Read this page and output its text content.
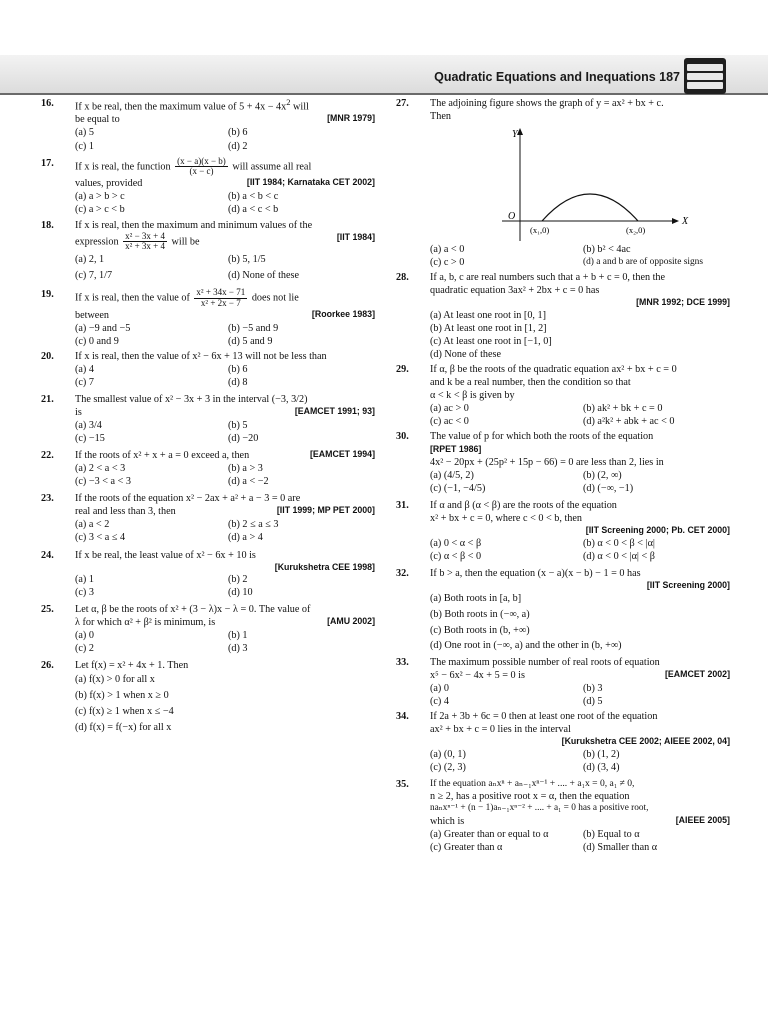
Quadratic Equations and Inequations 187
16. If x be real, then the maximum value of $5 + 4x - 4x^2$ will
be equal to	[MNR 1979]
(a) 5	(b) 6
(c) 1	(d) 2
17. If x is real, the function $\frac{(x - a)(x - b)}{(x - c)}$ will assume all real
values, provided	[IIT 1984; Karnataka CET 2002]
(a) a > b > c	(b) a < b < c
(c) a > c < b	(d) a < c < b
18. If x is real, then the maximum and minimum values of the
expression $\frac{\text{x² − 3x + 4}}{\text{x² + 3x + 4}}$ will be	[IIT 1984]
(a) 2, 1	(b) 5, 1/5
(c) 7, 1/7	(d) None of these
19. If x is real, then the value of $\frac{\text{x² + 34x − 71}}{\text{x² + 2x − 7}}$ does not lie
between	[Roorkee 1983]
(a) −9 and −5	(b) −5 and 9
(c) 0 and 9	(d) 5 and 9
20. If x is real, then the value of x² − 6x + 13 will not be less than
(a) 4	(b) 6
(c) 7	(d) 8
21. The smallest value of x² − 3x + 3 in the interval (−3, 3/2)
is	[EAMCET 1991; 93]
(a) 3/4	(b) 5
(c) −15	(d) −20
22. If the roots of x² + x + a = 0 exceed a, then	[EAMCET 1994]
(a) 2 < a < 3	(b) a > 3
(c) −3 < a < 3	(d) a < −2
23. If the roots of the equation x² − 2ax + a² + a − 3 = 0 are
real and less than 3, then	[IIT 1999; MP PET 2000]
(a) a < 2	(b) 2 ≤ a ≤ 3
(c) 3 < a ≤ 4	(d) a > 4
24. If x be real, the least value of x² − 6x + 10 is
[Kurukshetra CEE 1998]
(a) 1	(b) 2
(c) 3	(d) 10
25. Let α, β be the roots of x² + (3 − λ)x − λ = 0. The value of
λ for which α² + β² is minimum, is	[AMU 2002]
(a) 0	(b) 1
(c) 2	(d) 3
26. Let f(x) = x² + 4x + 1. Then
(a) f(x) > 0 for all x
(b) f(x) > 1 when x ≥ 0
(c) f(x) ≥ 1 when x ≤ −4
(d) f(x) = f(−x) for all x
27. The adjoining figure shows the graph of y = ax² + bx + c.
Then
Y
X
O
(x₁,0)	(x₂,0)
(a) a < 0	(b) b² < 4ac
(c) c > 0	(d) a and b are of opposite signs
28. If a, b, c are real numbers such that a + b + c = 0, then the
quadratic equation 3ax² + 2bx + c = 0 has
[MNR 1992; DCE 1999]
(a) At least one root in [0, 1]
(b) At least one root in [1, 2]
(c) At least one root in [−1, 0]
(d) None of these
29. If α, β be the roots of the quadratic equation ax² + bx + c = 0
and k be a real number, then the condition so that
α < k < β is given by
(a) ac > 0	(b) ak² + bk + c = 0
(c) ac < 0	(d) a²k² + abk + ac < 0
30. The value of p for which both the roots of the equation
[RPET 1986]
4x² − 20px + (25p² + 15p − 66) = 0 are less than 2, lies in
(a) (4/5, 2)	(b) (2, ∞)
(c) (−1, −4/5)	(d) (−∞, −1)
31. If α and β (α < β) are the roots of the equation
x² + bx + c = 0, where c < 0 < b, then
[IIT Screening 2000; Pb. CET 2000]
(a) 0 < α < β	(b) α < 0 < β < |α|
(c) α < β < 0	(d) α < 0 < |α| < β
32. If b > a, then the equation (x − a)(x − b) − 1 = 0 has
[IIT Screening 2000]
(a) Both roots in [a, b]
(b) Both roots in (−∞, a)
(c) Both roots in (b, +∞)
(d) One root in (−∞, a) and the other in (b, +∞)
33. The maximum possible number of real roots of equation
x⁵ − 6x² − 4x + 5 = 0 is	[EAMCET 2002]
(a) 0	(b) 3
(c) 4	(d) 5
34. If 2a + 3b + 6c = 0 then at least one root of the equation
ax² + bx + c = 0 lies in the interval
[Kurukshetra CEE 2002; AIEEE 2002, 04]
(a) (0, 1)	(b) (1, 2)
(c) (2, 3)	(d) (3, 4)
35. If the equation aₙxⁿ + aₙ₋₁xⁿ⁻¹ + .... + a₁x = 0, a₁ ≠ 0,
n ≥ 2, has a positive root x = α, then the equation
naₙxⁿ⁻¹ + (n − 1)aₙ₋₁xⁿ⁻² + .... + a₁ = 0 has a positive root,
which is	[AIEEE 2005]
(a) Greater than or equal to α	(b) Equal to α
(c) Greater than α	(d) Smaller than α
